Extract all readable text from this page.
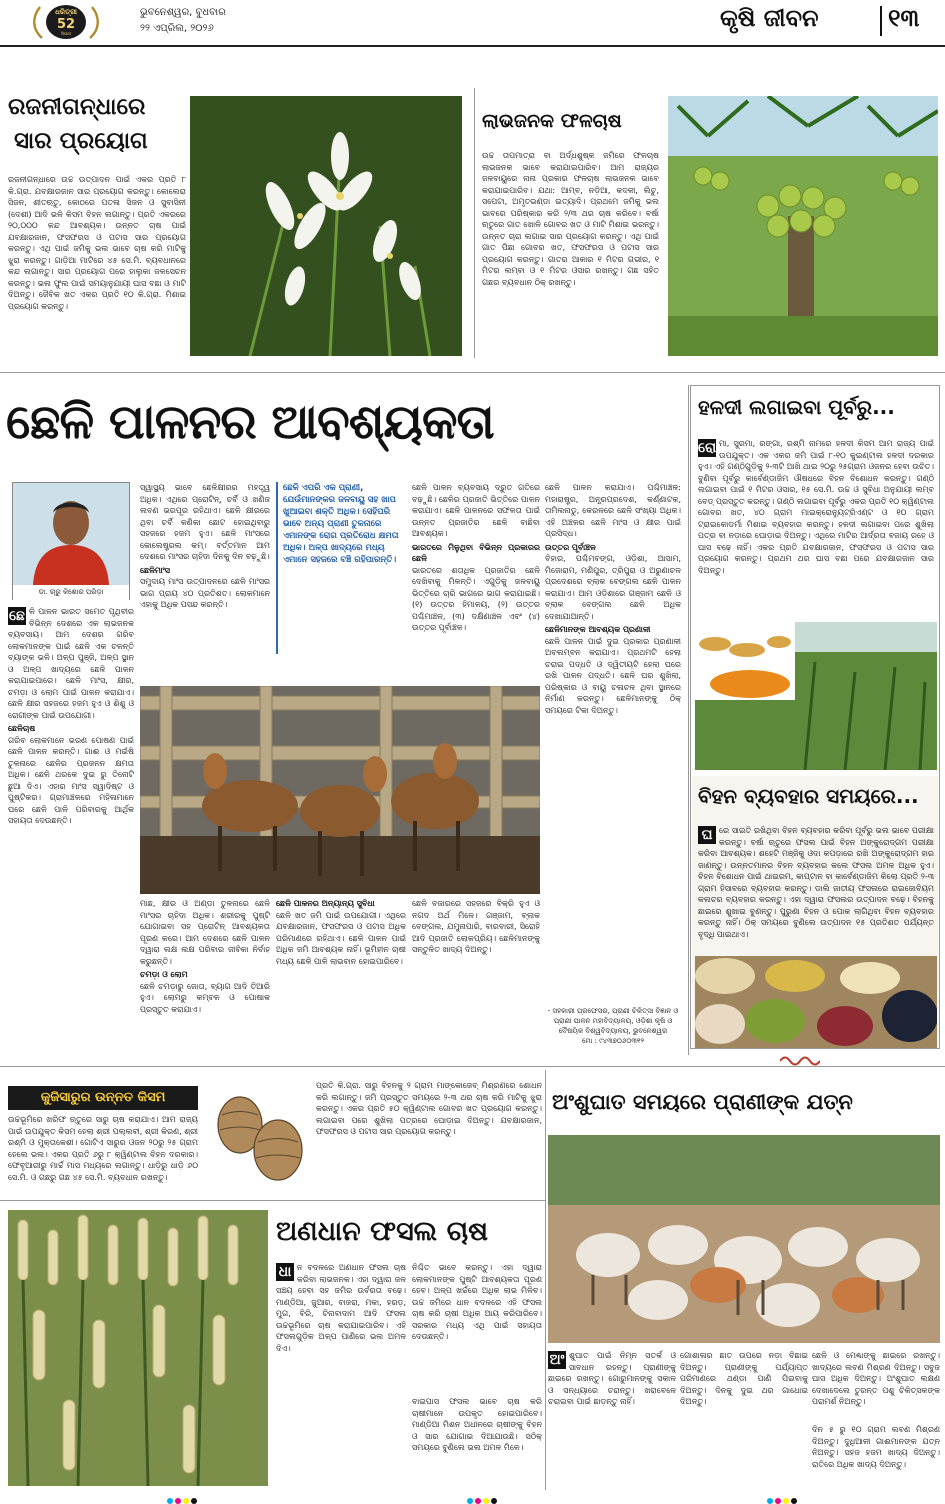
ଧରିତ୍ରୀ
52
Years
ଭୁବନେଶ୍ୱର, ବୁଧବାର
୨୨ ଏପ୍ରିଲ, ୨୦୨୬	କୃଷି ଜୀବନ	୧୩
ରଜନୀଗନ୍ଧାରେ
ସାର ପ୍ରୟୋଗ
ରଜନୀଗନ୍ଧାରେ ଉଚ୍ଚ ଉତ୍ପାଦନ ପାଇଁ ଏକର ପ୍ରତି ୮ କି.ଗ୍ରା. ଯବକ୍ଷାରଜାନ ସାର ପ୍ରୟୋଗ କରନ୍ତୁ। କୋଲେରା ସିଜନ, ଶୀତଋତୁ, କୋଠରେ ପତଳା ସିଜନ ଓ ସୁବାସିନୀ (ଦେଶୀ) ଆଦି ଭଳି କିସମ ବିହନ ଲଗାନ୍ତୁ। ପ୍ରତି ଏକରରେ ୨୦,୦୦୦ କନ୍ଦ ଆବଶ୍ୟକ। ଉନ୍ନତ ଚାଷ ପାଇଁ ଯବକ୍ଷାରଜାନ, ଫସଫରସ ଓ ପଟାସ ସାର ପ୍ରୟୋଗ କରନ୍ତୁ। ଏଥି ପାଇଁ ଜମିକୁ ଭଲ ଭାବେ ଚାଷ କରି ମାଟିକୁ ଝୁରା କରନ୍ତୁ। ଗାଡ଼ିଆ ମାଟିରେ ୪୫ ସେ.ମି. ବ୍ୟବଧାନରେ କନ୍ଦ ଲଗାନ୍ତୁ। ସାର ପ୍ରୟୋଗ ପରେ ହାଲୁକା ଜଳସେଚନ କରନ୍ତୁ। ଭଲ ଫୁଲ ପାଇଁ ସମୟାନୁଯାୟୀ ଘାସ ବଛା ଓ ମାଟି ଦିଅନ୍ତୁ। ଜୈବିକ ଖତ ଏକର ପ୍ରତି ୧୦ କି.ଗ୍ରା. ମିଶାଇ ପ୍ରୟୋଗ କରନ୍ତୁ।
ଲାଭଜନକ ଫଳଚାଷ
ଉଚ୍ଚ ତାପମାତ୍ରା ବା ଅର୍ଦ୍ଧଶୁଷ୍କ ଜମିରେ ଫଳଚାଷ ଲାଭଜନକ ଭାବେ କରାଯାଇପାରିବ। ଆମ ରାଜ୍ୟର ଜଳବାୟୁରେ ନାନା ପ୍ରକାର ଫଳଚାଷ ଲାଭଜନକ ଭାବେ କରାଯାଇପାରିବ। ଯଥା: ଆମ୍ବ, ନଡ଼ିଆ, କଦଳୀ, ଲିଚୁ, ସପେଟା, ଅମୃତଭଣ୍ଡା ଇତ୍ୟାଦି। ପ୍ରଥମେ ଜମିକୁ ଭଲ ଭାବରେ ପରିଷ୍କାର କରି ୨/୩ ଥର ଚାଷ କରିବେ। ବର୍ଷା ଋତୁରେ ଗାତ ଖୋଳି ଗୋବର ଖତ ଓ ମାଟି ମିଶାଇ ଭରନ୍ତୁ। ଉନ୍ନତ ଚାରା ଲଗାଇ ସାର ପ୍ରୟୋଗ କରନ୍ତୁ। ଏଥି ପାଇଁ ଗାତ ପିଛା ଗୋବର ଖତ, ଫସଫରସ ଓ ପଟାସ ସାର ପ୍ରୟୋଗ କରନ୍ତୁ। ଗାତର ଆକାର ୧ ମିଟର ଗଭୀର, ୧ ମିଟର ଲମ୍ବା ଓ ୧ ମିଟର ଓସାର ରଖନ୍ତୁ। ଗଛ ସହିତ ଗଛର ବ୍ୟବଧାନ ଠିକ୍ ରଖନ୍ତୁ।
ଛେଳି ପାଳନର ଆବଶ୍ୟକତା
ଡା. ଚାରୁ କିଶୋର ପରିଡ଼ା

ଛେ ଳି ପାଳନ ଭାରତ ସମେତ ପୃଥିବୀର ବିଭିନ୍ନ ଦେଶରେ ଏକ ଲାଭଜନକ ବ୍ୟବସାୟ। ଆମ ଦେଶର ଗରିବ ଲୋକମାନଙ୍କ ପାଇଁ ଛେଳି ଏକ ଚଳନ୍ତି ବ୍ୟାଙ୍କ ଭଳି। ଅଳ୍ପ ପୁଞ୍ଜି, ଅଳ୍ପ ସ୍ଥାନ ଓ ଅଳ୍ପ ଖାଦ୍ୟରେ ଛେଳି ପାଳନ କରାଯାଇପାରେ। ଛେଳି ମାଂସ, କ୍ଷୀର, ଚମଡ଼ା ଓ ଲୋମ ପାଇଁ ପାଳନ କରାଯାଏ। ଛେଳି କ୍ଷୀର ସହଜରେ ହଜମ ହୁଏ ଓ ଶିଶୁ ଓ ରୋଗୀଙ୍କ ପାଇଁ ଉପଯୋଗୀ।

ଛେଳିଚାଷ

ଗରିବ ଲୋକମାନେ ଭରଣ ପୋଷଣ ପାଇଁ ଛେଳି ପାଳନ କରନ୍ତି। ଗାଈ ଓ ମଇଁଷି ତୁଳନାରେ ଛେଳିର ପ୍ରଜନନ କ୍ଷମତା ଅଧିକ। ଛେଳି ଥରକେ ଦୁଇ ରୁ ତିନୋଟି ଛୁଆ ଦିଏ। ଏହାର ମାଂସ ସ୍ୱାଦିଷ୍ଟ ଓ ପୁଷ୍ଟିକର। ଗ୍ରାମାଞ୍ଚଳରେ ମହିଳାମାନେ ଘରେ ଛେଳି ପାଳି ପରିବାରକୁ ଆର୍ଥିକ ସହାୟତା ଦେଉଛନ୍ତି।

ସ୍ୱାସ୍ଥ୍ୟ ଭାବେ ଛେଳିକ୍ଷୀରର ମହତ୍ତ୍ୱ ଅଧିକ। ଏଥିରେ ପ୍ରୋଟିନ୍, ଚର୍ବି ଓ ଖଣିଜ ଲବଣ ଭରପୂର ରହିଥାଏ। ଛେଳି କ୍ଷୀରରେ ଥିବା ଚର୍ବି କଣିକା ଛୋଟ ହୋଇଥିବାରୁ ସହଜରେ ହଜମ ହୁଏ। ଛେଳି ମାଂସରେ କୋଲେଷ୍ଟ୍ରଲ କମ୍। ବର୍ତ୍ତମାନ ଆମ ଦେଶରେ ମାଂସର ଚାହିଦା ଦିନକୁ ଦିନ ବଢ଼ୁଛି।

ଛେଳିମାଂସ

ସମୁଦାୟ ମାଂସ ଉତ୍ପାଦନରେ ଛେଳି ମାଂସର ଭାଗ ପ୍ରାୟ ୪୦ ପ୍ରତିଶତ। ଲୋକମାନେ ଏହାକୁ ଅଧିକ ପସନ୍ଦ କରନ୍ତି।

ଛେଳି ଏପରି ଏକ ପ୍ରାଣୀ, ଯେଉଁମାନଙ୍କର ଜଳବାୟୁ ସହ ଖାପ ଖୁଆଇବା ଶକ୍ତି ଅଧିକ। ସେହିପରି ଭାବେ ଅନ୍ୟ ପ୍ରାଣୀ ତୁଳନାରେ ଏମାନଙ୍କ ରୋଗ ପ୍ରତିରୋଧ କ୍ଷମତା ଅଧିକ। ଅଳ୍ପ ଖାଦ୍ୟରେ ମଧ୍ୟ ଏମାନେ ସହଜରେ ବଞ୍ଚି ରହିପାରନ୍ତି।

ଛେଳି ପାଳନ ବ୍ୟବସାୟ ଦ୍ରୁତ ଗତିରେ ବଢ଼ୁଛି। ଛେଳିର ପ୍ରଜାତି ଭିତ୍ତିରେ ପାଳନ କରାଯାଏ। ଛେଳି ପାଳନରେ ସଫଳତା ପାଇଁ ଉନ୍ନତ ପ୍ରଜାତିର ଛେଳି ବାଛିବା ଆବଶ୍ୟକ।

ଭାରତରେ ମିଳୁଥିବା ବିଭିନ୍ନ ପ୍ରକାରର ଛେଳି

ଭାରତରେ ଶତାଧିକ ପ୍ରଜାତିର ଛେଳି ଦେଖିବାକୁ ମିଳନ୍ତି। ଏଗୁଡ଼ିକୁ ଜଳବାୟୁ ଭିତ୍ତିରେ ଚାରି ଭାଗରେ ଭାଗ କରାଯାଇଛି। (୧) ଉତ୍ତର ହିମାଳୟ, (୨) ଉତ୍ତର ପଶ୍ଚିମାଞ୍ଚଳ, (୩) ଦକ୍ଷିଣାଞ୍ଚଳ ଏବଂ (୪) ଉତ୍ତର ପୂର୍ବାଞ୍ଚଳ।

ମାଛ, କ୍ଷୀର ଓ ଅଣ୍ଡା ତୁଳନାରେ ଛେଳି ମାଂସର ଚାହିଦା ଅଧିକ। ଶରୀରକୁ ପୁଷ୍ଟି ଯୋଗାଇବା ସହ ପ୍ରୋଟିନ୍ ଆବଶ୍ୟକତା ପୂରଣ କରେ। ଆମ ଦେଶରେ ଛେଳି ପାଳନ ଦ୍ୱାରା ଲକ୍ଷ ଲକ୍ଷ ପରିବାର ଜୀବିକା ନିର୍ବାହ କରୁଛନ୍ତି।

ଚମଡ଼ା ଓ ଲୋମ

ଛେଳି ଚମଡ଼ାରୁ ଜୋତା, ବ୍ୟାଗ ଆଦି ତିଆରି ହୁଏ। ଲୋମରୁ କମ୍ବଳ ଓ ପୋଷାକ ପ୍ରସ୍ତୁତ କରାଯାଏ।

ଛେଳି ପାଳନର ଅନ୍ୟାନ୍ୟ ସୁବିଧା

ଛେଳି ଖତ ଜମି ପାଇଁ ଉପଯୋଗୀ। ଏଥିରେ ଯବକ୍ଷାରଜାନ, ଫସଫରସ ଓ ପଟାସ ଅଧିକ ପରିମାଣରେ ରହିଥାଏ। ଛେଳି ପାଳନ ପାଇଁ ଅଧିକ ଜମି ଆବଶ୍ୟକ ନାହିଁ। ଭୂମିହୀନ ଚାଷୀ ମଧ୍ୟ ଛେଳି ପାଳି ଲାଭବାନ ହୋଇପାରିବେ।

ଛେଳି ବଜାରରେ ସହଜରେ ବିକ୍ରି ହୁଏ ଓ ନଗଦ ଅର୍ଥ ମିଳେ। ଗଞ୍ଜାମ, ବ୍ଲାକ ବେଙ୍ଗଲ, ଯମୁନାପାରି, ବାରବାରୀ, ସିରୋହି ଆଦି ପ୍ରଜାତି ଲୋକପ୍ରିୟ। ଛେଳିମାନଙ୍କୁ ସନ୍ତୁଳିତ ଖାଦ୍ୟ ଦିଅନ୍ତୁ।

ଛେଳି ପାଳନ କରାଯାଏ। ପଶ୍ଚିମାଞ୍ଚଳ: ମହାରାଷ୍ଟ୍ର, ଅନ୍ଧ୍ରପ୍ରଦେଶ, କର୍ଣ୍ଣାଟକ, ତାମିଲନାଡୁ, କେରଳରେ ଛେଳି ସଂଖ୍ୟା ଅଧିକ। ଏହି ଅଞ୍ଚଳର ଛେଳି ମାଂସ ଓ କ୍ଷୀର ପାଇଁ ପ୍ରସିଦ୍ଧ।

ଉତ୍ତର ପୂର୍ବାଞ୍ଚଳ

ବିହାର, ପଶ୍ଚିମବଙ୍ଗ, ଓଡ଼ିଶା, ଆସାମ, ମିଜୋରାମ, ମଣିପୁର, ତ୍ରିପୁରା ଓ ଅରୁଣାଚଳ ପ୍ରଦେଶରେ ବ୍ଲାକ ବେଙ୍ଗଲ ଛେଳି ପାଳନ କରାଯାଏ। ଆମ ଓଡ଼ିଶାରେ ଗଞ୍ଜାମ ଛେଳି ଓ ବ୍ଲାକ ବେଙ୍ଗଲ ଛେଳି ଅଧିକ ଦେଖାଯାଆନ୍ତି।

ଛେଳିମାନଙ୍କ ଆବଶ୍ୟକ ପ୍ରଣାଳୀ

ଛେଳି ପାଳନ ପାଇଁ ଦୁଇ ପ୍ରକାର ପ୍ରଣାଳୀ ଅବଲମ୍ବନ କରାଯାଏ। ପ୍ରଥମଟି ହେଲା ଚରାଇ ପଦ୍ଧତି ଓ ଦ୍ୱିତୀୟଟି ହେଲା ଘରେ ରଖି ପାଳନ ପଦ୍ଧତି। ଛେଳି ଘର ଶୁଖିଲା, ପରିଷ୍କାର ଓ ବାୟୁ ଚଳାଚଳ ଥିବା ସ୍ଥାନରେ ନିର୍ମାଣ କରନ୍ତୁ। ଛେଳିମାନଙ୍କୁ ଠିକ୍ ସମୟରେ ଟିକା ଦିଅନ୍ତୁ।

- ସହକାରୀ ପ୍ରଫେସର, ପ୍ରାଣୀ ଚିକିତ୍ସା ବିଜ୍ଞାନ ଓ ପ୍ରାଣୀ ପାଳନ ମହାବିଦ୍ୟାଳୟ, ଓଡ଼ିଶା କୃଷି ଓ ବୈଷୟିକ ବିଶ୍ୱବିଦ୍ୟାଳୟ, ଭୁବନେଶ୍ୱର
ମୋ : ୯୪୩୭୦୬୦୩୧୨
ହଳଦୀ ଲଗାଇବା ପୂର୍ବରୁ...

ରୋ ମା, ସୁରମା, ରଙ୍ଗା, ରଶ୍ମି ନାମରେ ହଳଦୀ କିସମ ଆମ ରାଜ୍ୟ ପାଇଁ ଉପଯୁକ୍ତ। ଏକ ଏକର ଜମି ପାଇଁ ୮-୧୦ କୁଇଣ୍ଟାଲ ହଳଦୀ ଦରକାର ହୁଏ। ଏହି ଗଣ୍ଠିଗୁଡ଼ିକୁ ୨-୩ଟି ଆଖି ଥାଇ ୨୦ରୁ ୨୫ଗ୍ରାମ ଓଜନର ହେବା ଉଚିତ। ବୁଣିବା ପୂର୍ବରୁ କାର୍ବେଣ୍ଡାଜିମ ଔଷଧରେ ବିହନ ବିଶୋଧନ କରନ୍ତୁ। ଗଣ୍ଠି ଲଗାଇବା ପାଇଁ ୧ ମିଟର ଓସାର, ୧୫ ସେ.ମି. ଉଚ୍ଚ ଓ ସୁବିଧା ଅନୁଯାୟୀ ଲମ୍ବ ବେଡ୍ ପ୍ରସ୍ତୁତ କରନ୍ତୁ। ଗଣ୍ଠି ଲଗାଇବା ପୂର୍ବରୁ ଏକର ପ୍ରତି ୧୦ କ୍ୱିଣ୍ଟାଲ ଗୋବର ଖତ, ୪୦ ଗ୍ରାମ ମାଇକ୍ରୋନ୍ୟୁଟ୍ରିଏଣ୍ଟ ଓ ୧୦ ଗ୍ରାମ ଟ୍ରାଇକୋଡର୍ମା ମିଶାଇ ବ୍ୟବହାର କରନ୍ତୁ। ହଳଦୀ ଲଗାଇବା ପରେ ଶୁଖିଲା ପତ୍ର ବା ନଡ଼ାରେ ଘୋଡ଼ାଇ ଦିଅନ୍ତୁ। ଏଥିରେ ମାଟିର ଆର୍ଦ୍ରତା ବଜାୟ ରହେ ଓ ଘାସ ବଢ଼େ ନାହିଁ। ଏକର ପ୍ରତି ଯବକ୍ଷାରଜାନ, ଫସଫରସ ଓ ପଟାସ ସାର ପ୍ରୟୋଗ କରନ୍ତୁ। ପ୍ରଥମ ଥର ଘାସ ବଛା ପରେ ଯବକ୍ଷାରଜାନ ସାର ଦିଅନ୍ତୁ।

ବିହନ ବ୍ୟବହାର ସମୟରେ...

ଘ ରେ ସାଇତି ରଖିଥିବା ବିହନ ବ୍ୟବହାର କରିବା ପୂର୍ବରୁ ଭଲ ଭାବେ ପରୀକ୍ଷା କରନ୍ତୁ। ବର୍ଷା ଋତୁରେ ଫସଲ ପାଇଁ ବିହନ ଅଙ୍କୁରୋଦ୍ଗମ ପରୀକ୍ଷା କରିବା ଆବଶ୍ୟକ। ଶହେଟି ମଞ୍ଜିକୁ ଓଦା କପଡ଼ାରେ ରଖି ଅଙ୍କୁରୋଦ୍ଗମ ହାର ଜାଣନ୍ତୁ। ଉନ୍ନତମାନର ବିହନ ବ୍ୟବହାର କଲେ ଫସଲ ଅମଳ ଅଧିକ ହୁଏ। ବିହନ ବିଶୋଧନ ପାଇଁ ଥାଇରମ, କାପ୍ଟାନ ବା କାର୍ବେଣ୍ଡାଜିମ କିଲୋ ପ୍ରତି ୨-୩ ଗ୍ରାମ ହିସାବରେ ବ୍ୟବହାର କରନ୍ତୁ। ଡାଲି ଜାତୀୟ ଫସଲରେ ରାଇଜୋବିୟମ କଲଚର ବ୍ୟବହାର କରନ୍ତୁ। ଏହା ଦ୍ୱାରା ଫସଲର ଉତ୍ପାଦନ ବଢ଼େ। ବିହନକୁ ଛାଇରେ ଶୁଖାଇ ବୁଣନ୍ତୁ। ପୁରୁଣା ବିହନ ଓ ପୋକ ଲାଗିଥିବା ବିହନ ବ୍ୟବହାର କରନ୍ତୁ ନାହିଁ। ଠିକ୍ ସମୟରେ ବୁଣିଲେ ଉତ୍ପାଦନ ୧୫ ପ୍ରତିଶତ ପର୍ଯ୍ୟନ୍ତ ବୃଦ୍ଧି ପାଇଥାଏ।

କୁଜିସାରୁର ଉନ୍ନତ କିସମ
ଉଚ୍ଚଭୂମିରେ ଖରିଫ ଋତୁରେ ସାରୁ ଚାଷ କରାଯାଏ। ଆମ ରାଜ୍ୟ ପାଇଁ ଉପଯୁକ୍ତ କିସମ ହେଲା ଶ୍ରୀ ପଲ୍ଲବୀ, ଶ୍ରୀ କିରଣ, ଶ୍ରୀ ରଶ୍ମି ଓ ମୁକ୍ତାକେଶୀ। ଗୋଟିଏ ସାରୁର ଓଜନ ୨୦ରୁ ୨୫ ଗ୍ରାମ ହେଲେ ଭଲ। ଏକର ପ୍ରତି ୬ରୁ ୮ କ୍ୱିଣ୍ଟାଲ ବିହନ ଦରକାର। ଫେବୃଆରୀରୁ ମାର୍ଚ୍ଚ ମାସ ମଧ୍ୟରେ ଲଗାନ୍ତୁ। ଧାଡ଼ିରୁ ଧାଡ଼ି ୬୦ ସେ.ମି. ଓ ଗଛରୁ ଗଛ ୪୫ ସେ.ମି. ବ୍ୟବଧାନ ରଖନ୍ତୁ।
ପ୍ରତି କି.ଗ୍ରା. ସାରୁ ବିହନକୁ ୨ ଗ୍ରାମ ମାଙ୍କୋଜେବ୍ ମିଶ୍ରଣରେ ଶୋଧନ କରି ଲଗାନ୍ତୁ। ଜମି ପ୍ରସ୍ତୁତ ସମୟରେ ୨-୩ ଥର ଚାଷ କରି ମାଟିକୁ ଝୁରା କରନ୍ତୁ। ଏକର ପ୍ରତି ୫୦ କ୍ୱିଣ୍ଟାଲ ଗୋବର ଖତ ପ୍ରୟୋଗ କରନ୍ତୁ। ଲଗାଇବା ପରେ ଶୁଖିଲା ପତ୍ରରେ ଘୋଡ଼ାଇ ଦିଅନ୍ତୁ। ଯବକ୍ଷାରଜାନ, ଫସଫରସ ଓ ପଟାସ ସାର ପ୍ରୟୋଗ କରନ୍ତୁ।
ଅଣଧାନ ଫସଲ ଚାଷ

ଧା ନ ବଦଳରେ ଅଣଧାନ ଫସଲ ଚାଷ କରିବା ଲାଭଜନକ। ଏହା ଦ୍ୱାରା ଜଳ ସଞ୍ଚୟ ହେବା ସହ ଜମିର ଉର୍ବରତା ବଢ଼େ। ମାଣ୍ଡିଆ, ଜୁଆର, ବାଜରା, ମକା, ହରଡ଼, ମୁଗ, ବିରି, ଚିନାବାଦାମ ଆଦି ଫସଲ ଉଚ୍ଚଭୂମିରେ ଚାଷ କରାଯାଇପାରିବ। ଏହି ଫସଲଗୁଡ଼ିକ ଅଳ୍ପ ପାଣିରେ ଭଲ ଅମଳ ଦିଏ।

ନିଶ୍ଚିତ ଭାବେ କରନ୍ତୁ। ଏହା ଦ୍ୱାରା ଲୋକମାନଙ୍କ ପୁଷ୍ଟି ଆବଶ୍ୟକତା ପୂରଣ ହେବ। ଅଳ୍ପ ଖର୍ଚ୍ଚରେ ଅଧିକ ଲାଭ ମିଳିବ। ଉଚ୍ଚ ଜମିରେ ଧାନ ବଦଳରେ ଏହି ଫସଲ ଚାଷ କରି ଚାଷୀ ଅଧିକ ଆୟ କରିପାରିବେ। ସରକାର ମଧ୍ୟ ଏଥି ପାଇଁ ସହାୟତା ଦେଉଛନ୍ତି।
ବାଇପାସ ଫସଲ ଭାବେ ଚାଷ କରି ଚାଷୀମାନେ ଉପକୃତ ହୋଇପାରିବେ। ମାଣ୍ଡିଆ ମିଶନ ଅଧୀନରେ ଚାଷୀଙ୍କୁ ବିହନ ଓ ସାର ଯୋଗାଇ ଦିଆଯାଉଛି। ସଠିକ୍ ସମୟରେ ବୁଣିଲେ ଭଲ ଅମଳ ମିଳେ।
ଅଂଶୁଘାତ ସମୟରେ ପ୍ରାଣୀଙ୍କ ଯତ୍ନ

ଅଂ ଶୁଘାତ ପାଇଁ ନିମ୍ନ ସତର୍କ ଓ ସାବଧାନ ରହନ୍ତୁ। ପ୍ରାଣୀଙ୍କୁ ଛାଇରେ ରଖନ୍ତୁ। ଗୋରୁମାନଙ୍କୁ ସକାଳ ଓ ସନ୍ଧ୍ୟାରେ ଚରାନ୍ତୁ। ଖରାବେଳେ ଚରାଇବା ପାଇଁ ଛାଡ଼ନ୍ତୁ ନାହିଁ।

ଗୋଶାଳାର ଛାତ ଉପରେ ନଡ଼ା ବିଛାଇ ଦିଅନ୍ତୁ। ପ୍ରାଣୀଙ୍କୁ ପର୍ଯ୍ୟାପ୍ତ ପରିମାଣରେ ଥଣ୍ଡା ପାଣି ପିଇବାକୁ ଦିଅନ୍ତୁ। ଦିନକୁ ଦୁଇ ଥର ଗାଧୋଇ ଦିଅନ୍ତୁ।
ଛେଳି ଓ ମେଣ୍ଢାଙ୍କୁ ଛାଇରେ ରଖନ୍ତୁ। ଖାଦ୍ୟରେ ଲବଣ ମିଶ୍ରଣ ଦିଅନ୍ତୁ। ସବୁଜ ଘାସ ଅଧିକ ଦିଅନ୍ତୁ। ଅଂଶୁଘାତ ଲକ୍ଷଣ ଦେଖାଦେଲେ ତୁରନ୍ତ ପଶୁ ଚିକିତ୍ସକଙ୍କ ପରାମର୍ଶ ନିଅନ୍ତୁ।
ଦିନ ୫ ରୁ ୧୦ ଗ୍ରାମ ଲବଣ ମିଶ୍ରଣ ଦିଅନ୍ତୁ। ଦୁଧିଆଳୀ ଗାଈମାନଙ୍କ ଯତ୍ନ ନିଅନ୍ତୁ। ସହଜ ହଜମ ଖାଦ୍ୟ ଦିଅନ୍ତୁ। ରାତିରେ ଅଧିକ ଖାଦ୍ୟ ଦିଅନ୍ତୁ।
